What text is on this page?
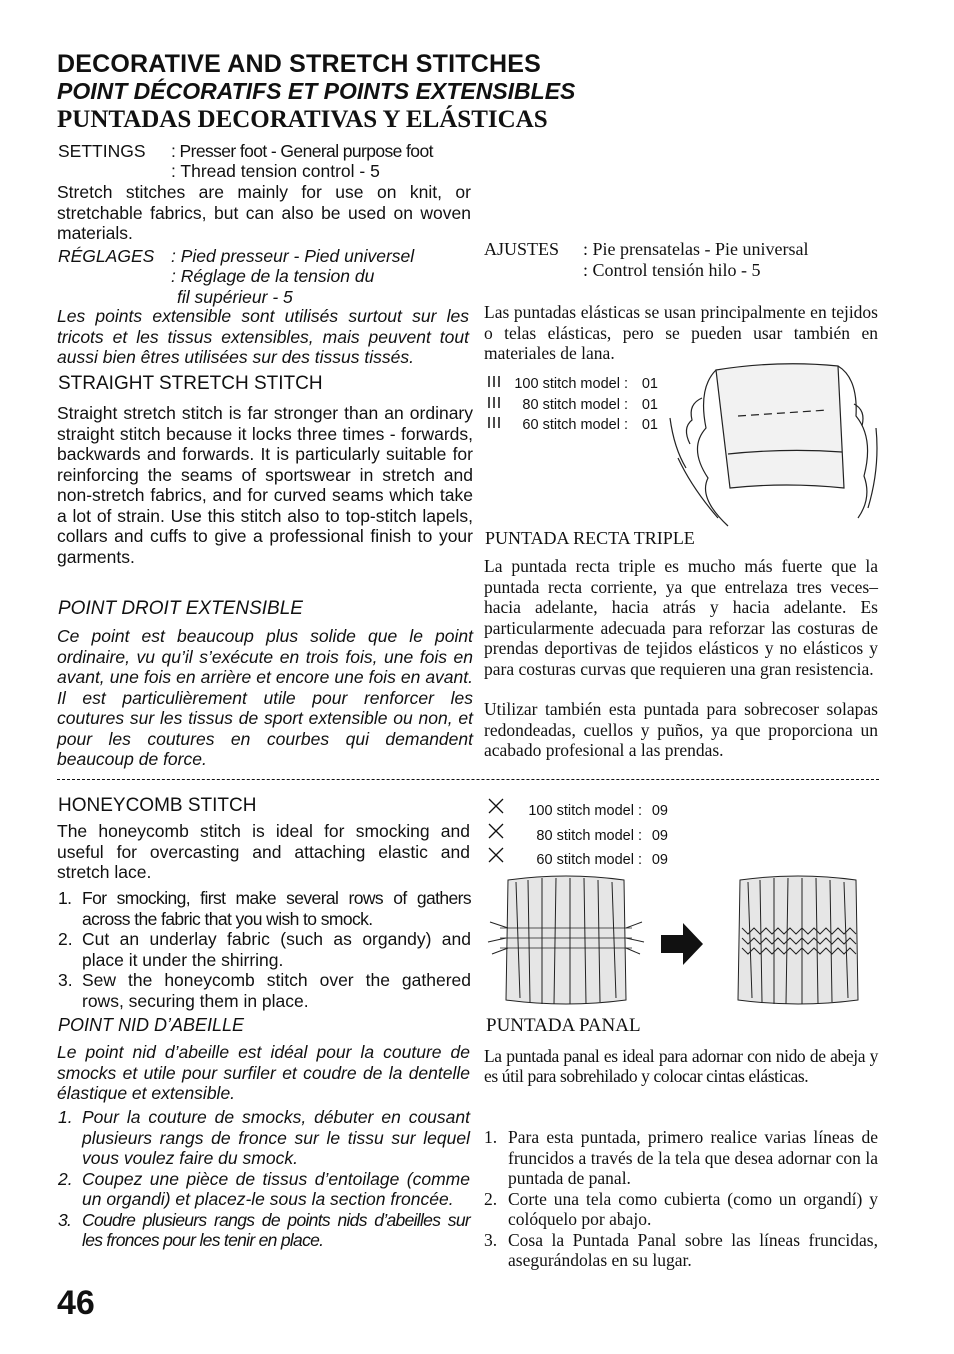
DECORATIVE AND STRETCH STITCHES
POINT DÉCORATIFS ET POINTS EXTENSIBLES
PUNTADAS DECORATIVAS Y ELÁSTICAS
SETTINGS : Presser foot - General purpose foot
: Thread tension control - 5
Stretch stitches are mainly for use on knit, or stretchable fabrics, but can also be used on woven materials.
RÉGLAGES : Pied presseur - Pied universel
: Réglage de la tension du
fil supérieur - 5
Les points extensible sont utilisés surtout sur les tricots et les tissus extensibles, mais peuvent tout aussi bien êtres utilisées sur des tissus tissés.
AJUSTES : Pie prensatelas - Pie universal
: Control tensión hilo - 5
Las puntadas elásticas se usan principalmente en tejidos o telas elásticas, pero se pueden usar también en materiales de lana.
STRAIGHT STRETCH STITCH
Straight stretch stitch is far stronger than an ordinary straight stitch because it locks three times - forwards, backwards and forwards. It is particularly suitable for reinforcing the seams of sportswear in stretch and non-stretch fabrics, and for curved seams which take a lot of strain. Use this stitch also to top-stitch lapels, collars and cuffs to give a professional finish to your garments.
POINT DROIT EXTENSIBLE
Ce point est beaucoup plus solide que le point ordinaire, vu qu’il s’exécute en trois fois, une fois en avant, une fois en arrière et encore une fois en avant. Il est particulièrement utile pour renforcer les coutures sur les tissus de sport extensible ou non, et pour les coutures en courbes qui demandent beaucoup de force.
100 stitch model : 01
80 stitch model : 01
60 stitch model : 01
PUNTADA RECTA TRIPLE
La puntada recta triple es mucho más fuerte que la puntada recta corriente, ya que entrelaza tres veces–hacia adelante, hacia atrás y hacia adelante. Es particularmente adecuada para reforzar las costuras de prendas deportivas de tejidos elásticos y no elásticos y para costuras curvas que requieren una gran resistencia.
Utilizar también esta puntada para sobrecoser solapas redondeadas, cuellos y puños, ya que proporciona un acabado profesional a las prendas.
HONEYCOMB STITCH
The honeycomb stitch is ideal for smocking and useful for overcasting and attaching elastic and stretch lace.
1. For smocking, first make several rows of gathers across the fabric that you wish to smock.
2. Cut an underlay fabric (such as organdy) and place it under the shirring.
3. Sew the honeycomb stitch over the gathered rows, securing them in place.
POINT NID D’ABEILLE
Le point nid d’abeille est idéal pour la couture de smocks et utile pour surfiler et coudre de la dentelle élastique et extensible.
1. Pour la couture de smocks, débuter en cousant plusieurs rangs de fronce sur le tissu sur lequel vous voulez faire du smock.
2. Coupez une pièce de tissus d’entoilage (comme un organdi) et placez-le sous la section froncée.
3. Coudre plusieurs rangs de points nids d’abeilles sur les fronces pour les tenir en place.
100 stitch model : 09
80 stitch model : 09
60 stitch model : 09
PUNTADA PANAL
La puntada panal es ideal para adornar con nido de abeja y es útil para sobrehilado y colocar cintas elásticas.
1. Para esta puntada, primero realice varias líneas de fruncidos a través de la tela que desea adornar con la puntada de panal.
2. Corte una tela como cubierta (como un organdí) y colóquelo por abajo.
3. Cosa la Puntada Panal sobre las líneas fruncidas, asegurándolas en su lugar.
46
